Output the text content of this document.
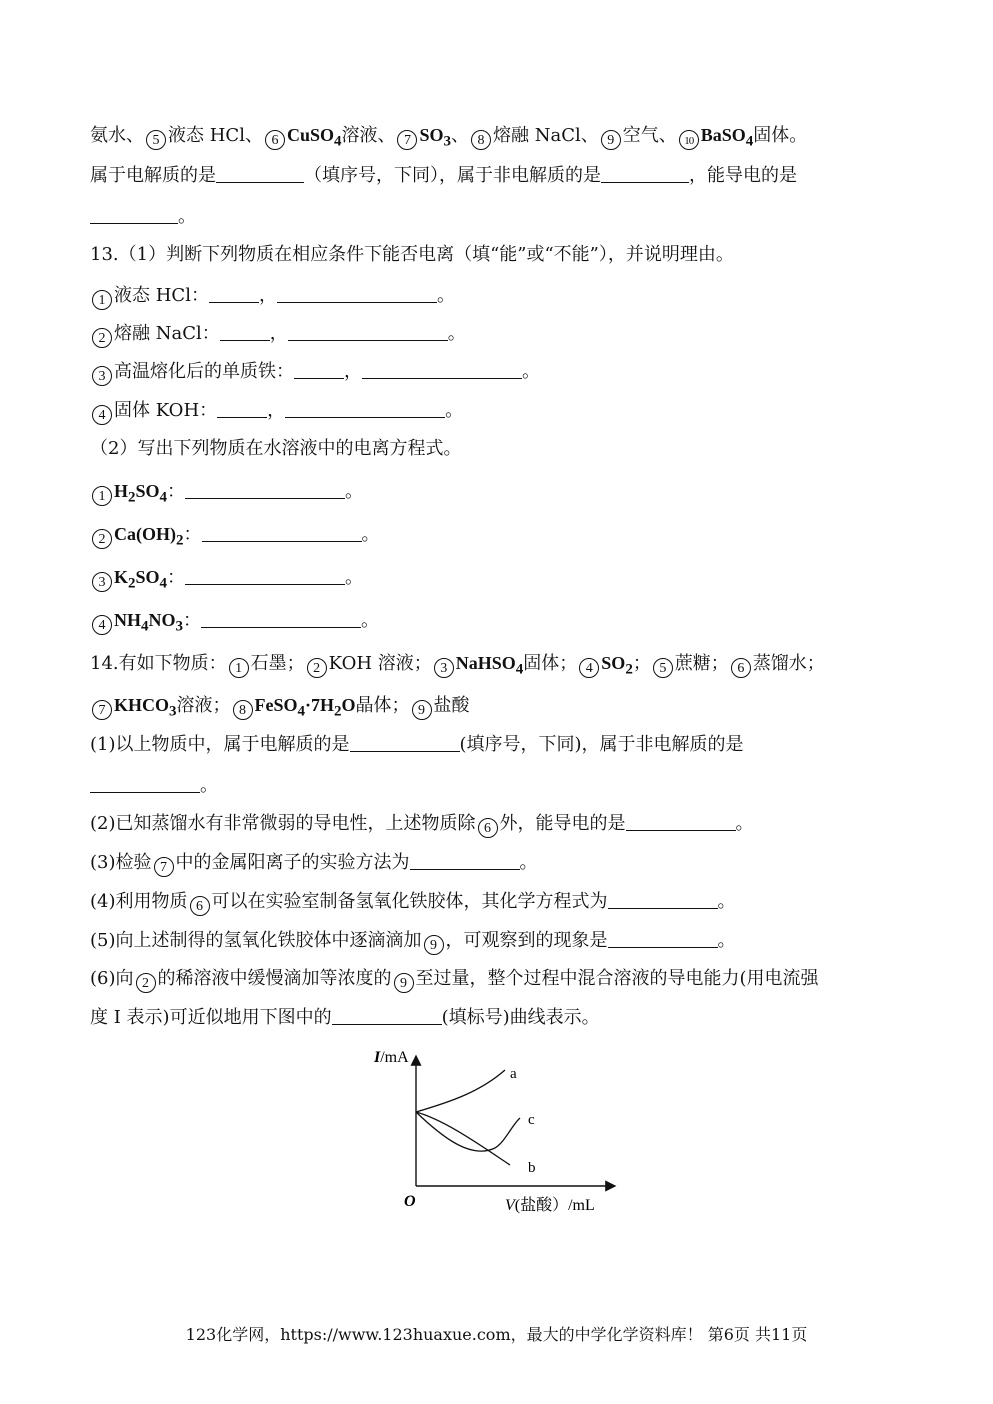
氨水、 5 液态 HCl、 6 CuSO$_4$溶液、 7 $SO_3$、 8 熔融 NaCl、 9 空气、 10 BaSO$_4$固体。
属于电解质的是	（填序号，下同），属于非电解质的是	，能导电的是
。
13.（1）判断下列物质在相应条件下能否电离（填“能”或“不能”），并说明理由。
1 液态 HCl：	，	。
2 熔融 NaCl：	，	。
3 高温熔化后的单质铁：	，	。
4 固体 KOH：	，	。
（2）写出下列物质在水溶液中的电离方程式。
1 $H_2SO_4$：	。
2 $Ca(OH)_2$：	。
3 $K_2SO_4$：	。
4 $NH_4NO_3$：	。
14.有如下物质： 1 石墨； 2 KOH 溶液； 3 NaHSO$_4$固体； 4 $SO_2$； 5 蔗糖； 6 蒸馏水；
7 $KHCO_3$溶液； 8 $FeSO_4\cdot 7H_2O$晶体； 9 盐酸
(1)以上物质中，属于电解质的是	(填序号，下同)，属于非电解质的是
。
(2)已知蒸馏水有非常微弱的导电性，上述物质除 6 外，能导电的是	。
(3)检验 7 中的金属阳离子的实验方法为	。
(4)利用物质 6 可以在实验室制备氢氧化铁胶体，其化学方程式为	。
(5)向上述制得的氢氧化铁胶体中逐滴滴加 9 ，可观察到的现象是	。
(6)向 2 的稀溶液中缓慢滴加等浓度的 9 至过量，整个过程中混合溶液的导电能力(用电流强
度 I 表示)可近似地用下图中的	(填标号)曲线表示。
I/mA
O	V(盐酸）/mL
a
c
b
123化学网，https://www.123huaxue.com，最大的中学化学资料库！ 第6页 共11页
